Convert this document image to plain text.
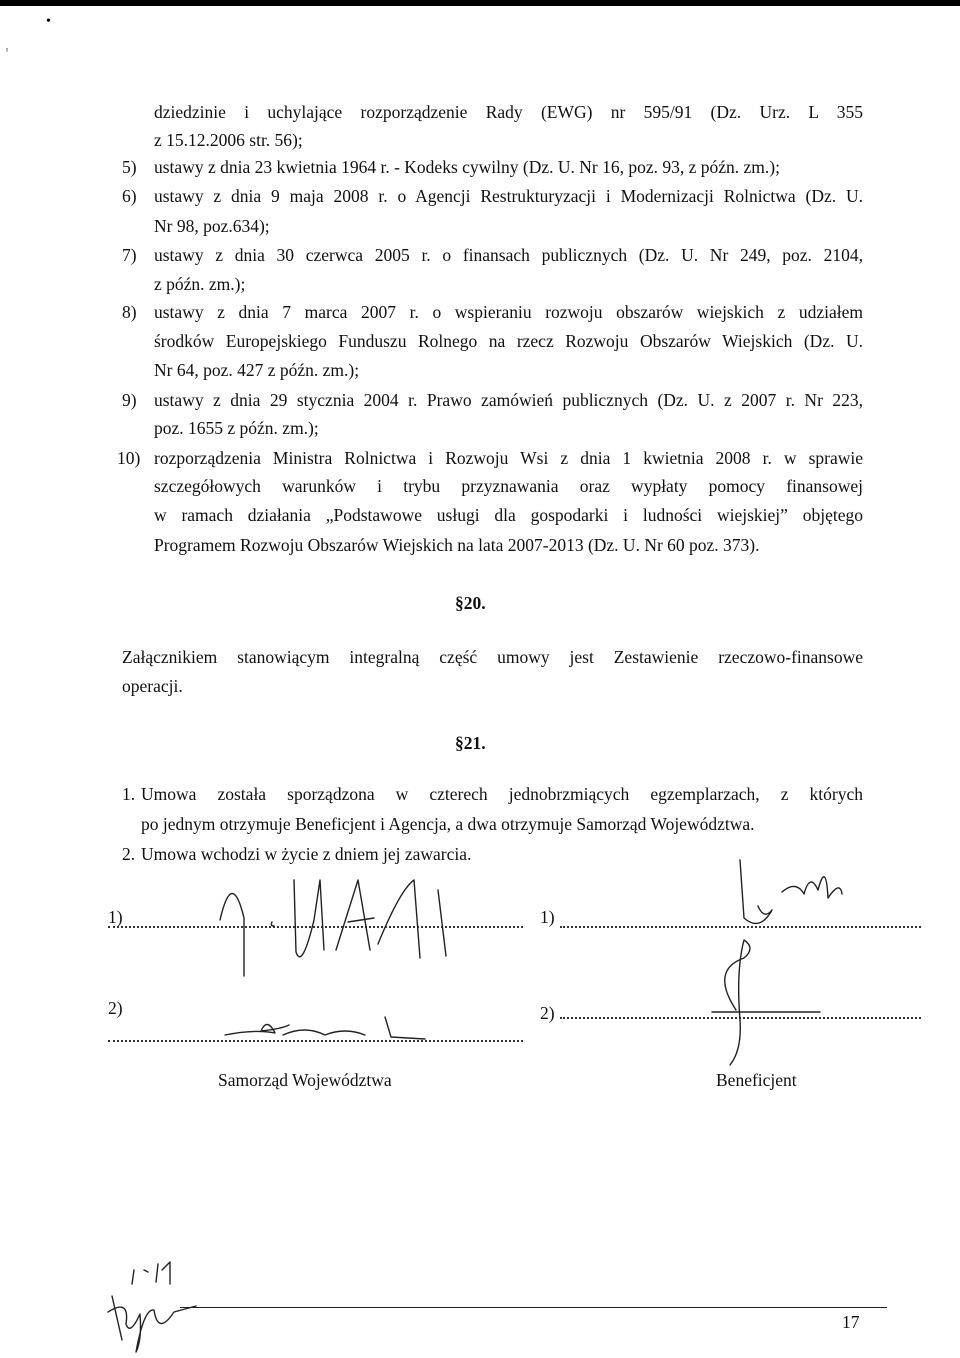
•
ᶦ
dziedzinie i uchylające rozporządzenie Rady (EWG) nr 595/91 (Dz. Urz. L 355
z 15.12.2006 str. 56);
5) ustawy z dnia 23 kwietnia 1964 r. - Kodeks cywilny (Dz. U. Nr 16, poz. 93, z późn. zm.);
6) ustawy z dnia 9 maja 2008 r. o Agencji Restrukturyzacji i Modernizacji Rolnictwa (Dz. U.
Nr 98, poz.634);
7) ustawy z dnia 30 czerwca 2005 r. o finansach publicznych (Dz. U. Nr 249, poz. 2104,
z późn. zm.);
8) ustawy z dnia 7 marca 2007 r. o wspieraniu rozwoju obszarów wiejskich z udziałem
środków Europejskiego Funduszu Rolnego na rzecz Rozwoju Obszarów Wiejskich (Dz. U.
Nr 64, poz. 427 z późn. zm.);
9) ustawy z dnia 29 stycznia 2004 r. Prawo zamówień publicznych (Dz. U. z 2007 r. Nr 223,
poz. 1655 z późn. zm.);
10) rozporządzenia Ministra Rolnictwa i Rozwoju Wsi z dnia 1 kwietnia 2008 r. w sprawie
szczegółowych warunków i trybu przyznawania oraz wypłaty pomocy finansowej
w ramach działania „Podstawowe usługi dla gospodarki i ludności wiejskiej” objętego
Programem Rozwoju Obszarów Wiejskich na lata 2007-2013 (Dz. U. Nr 60 poz. 373).
§20.
Załącznikiem stanowiącym integralną część umowy jest Zestawienie rzeczowo-finansowe
operacji.
§21.
1. Umowa została sporządzona w czterech jednobrzmiących egzemplarzach, z których
po jednym otrzymuje Beneficjent i Agencja, a dwa otrzymuje Samorząd Województwa.
2. Umowa wchodzi w życie z dniem jej zawarcia.
1)
2)
Samorząd Województwa
1)
2)
Beneficjent
17
